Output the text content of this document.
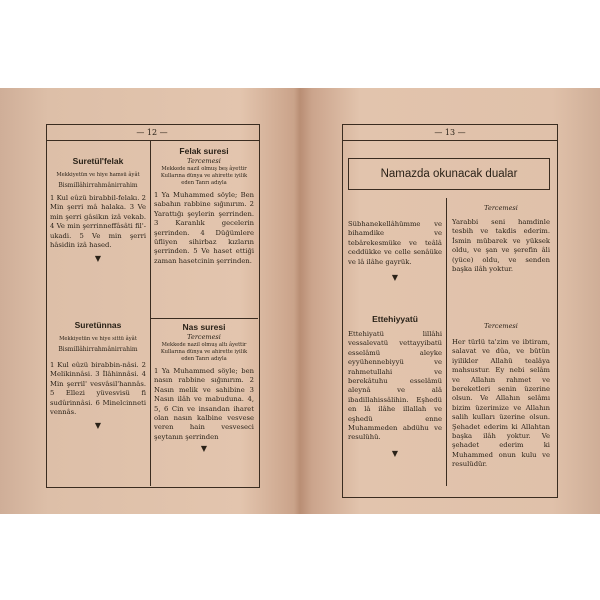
— 12 —
Suretül'felak
Mekkiyetün ve hiye hamsü âyât
Bismillâhirrahmânirrahim
1 Kul eûzü birabbil-felakı. 2 Min şerri mâ halaka. 3 Ve min şerri gâsikın izâ vekab. 4 Ve min şerrinneffâsâti fil'-ukadi. 5 Ve min şerri hâsidin izâ hased.
▼
Suretünnas
Mekkiyetün ve hiye sittü âyât
Bismillâhirrahmânirrahim
1 Kul eûzü birabbin-nâsi. 2 Melikinnâsi. 3 İlâhinnâsi. 4 Min şerril' vesvâsil'hannâs. 5 Ellezi yüvesvisü fi sudûrinnâsi. 6 Minelcinneti vennâs.
▼
Felak suresi
Tercemesi
Mekkede nazil olmuş beş âyettir
Kullarına dünya ve ahirette iyilik eden Tanrı adıyla
1 Ya Muhammed söyle; Ben sabahın rabbine sığınırım. 2 Yarattığı şeylerin şerrinden. 3 Karanlık gecelerin şerrinden. 4 Düğümlere üfliyen sihirbaz kızların şerrinden. 5 Ve haset ettiği zaman hasetcinin şerrinden.
Nas suresi
Tercemesi
Mekkede nazil olmuş altı âyettir
Kullarına dünya ve ahirette iyilik eden Tanrı adıyla
1 Ya Muhammed söyle; ben nasın rabbine sığınırım. 2 Nasın melik ve sahibine 3 Nasın ilâh ve mabuduna. 4, 5, 6 Cin ve insandan iharet olan nasın kalbine vesvese veren hain vesveseci şeytanın şerrinden
▼
— 13 —
Namazda okunacak dualar
Sübhanekellâhümme ve bihamdike ve tebârekesmüke ve teâlâ ceddükke ve celle senâüke ve lâ ilâhe gayrük.
▼
Ettehiyyatü
Ettehiyatü lillâhi vessalevatü vettayyibatü esselâmü aleyke eyyühennebiyyü ve rahmetullahi ve berekâtuhu esselâmü aleynâ ve alâ ibadillahissâlihin. Eşhedü en lâ ilâhe illallah ve eşhedü enne Muhammeden abdühu ve resulühü.
▼
Tercemesi
Yarabbi seni hamdinle tesbih ve takdis ederim. İsmin mübarek ve yüksek oldu, ve şan ve şerefin âli (yüce) oldu, ve senden başka ilâh yoktur.
Tercemesi
Her türlü ta'zim ve ibtiram, salavat ve dûa, ve bütün iyilikler Allahü tealâya mahsustur. Ey nebi selâm ve Allahın rahmet ve bereketleri senin üzerine olsun. Ve Allahın selâmı bizim üzerimize ve Allahın salih kulları üzerine olsun. Şehadet ederim ki Allahtan başka ilâh yoktur. Ve şehadet ederim ki Muhammed onun kulu ve resulüdür.
